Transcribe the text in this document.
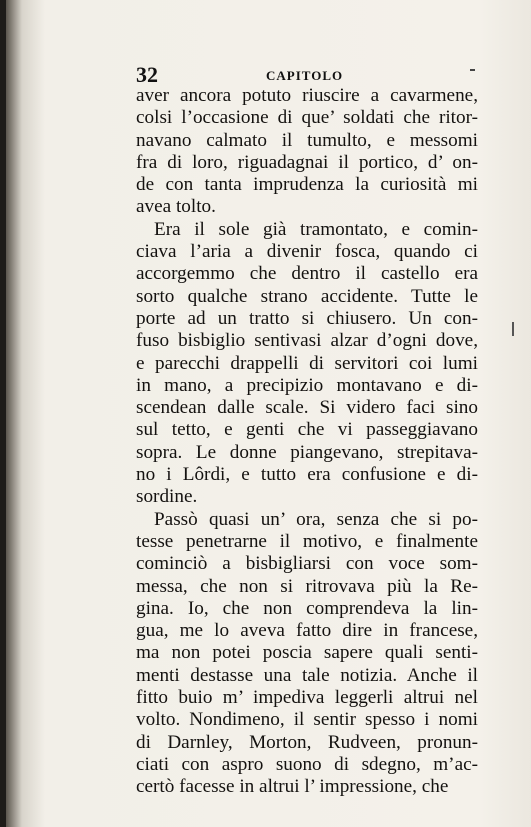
32	CAPITOLO
aver ancora potuto riuscire a cavarmene,
colsi l’occasione di que’ soldati che ritor-
navano calmato il tumulto, e messomi
fra di loro, riguadagnai il portico, d’ on-
de con tanta imprudenza la curiosità mi
avea tolto.
Era il sole già tramontato, e comin-
ciava l’aria a divenir fosca, quando ci
accorgemmo che dentro il castello era
sorto qualche strano accidente. Tutte le
porte ad un tratto si chiusero. Un con-
fuso bisbiglio sentivasi alzar d’ogni dove,
e parecchi drappelli di servitori coi lumi
in mano, a precipizio montavano e di-
scendean dalle scale. Si videro faci sino
sul tetto, e genti che vi passeggiavano
sopra. Le donne piangevano, strepitava-
no i Lôrdi, e tutto era confusione e di-
sordine.
Passò quasi un’ ora, senza che si po-
tesse penetrarne il motivo, e finalmente
cominciò a bisbigliarsi con voce som-
messa, che non si ritrovava più la Re-
gina. Io, che non comprendeva la lin-
gua, me lo aveva fatto dire in francese,
ma non potei poscia sapere quali senti-
menti destasse una tale notizia. Anche il
fitto buio m’ impediva leggerli altrui nel
volto. Nondimeno, il sentir spesso i nomi
di Darnley, Morton, Rudveen, pronun-
ciati con aspro suono di sdegno, m’ac-
certò facesse in altrui l’ impressione, che
